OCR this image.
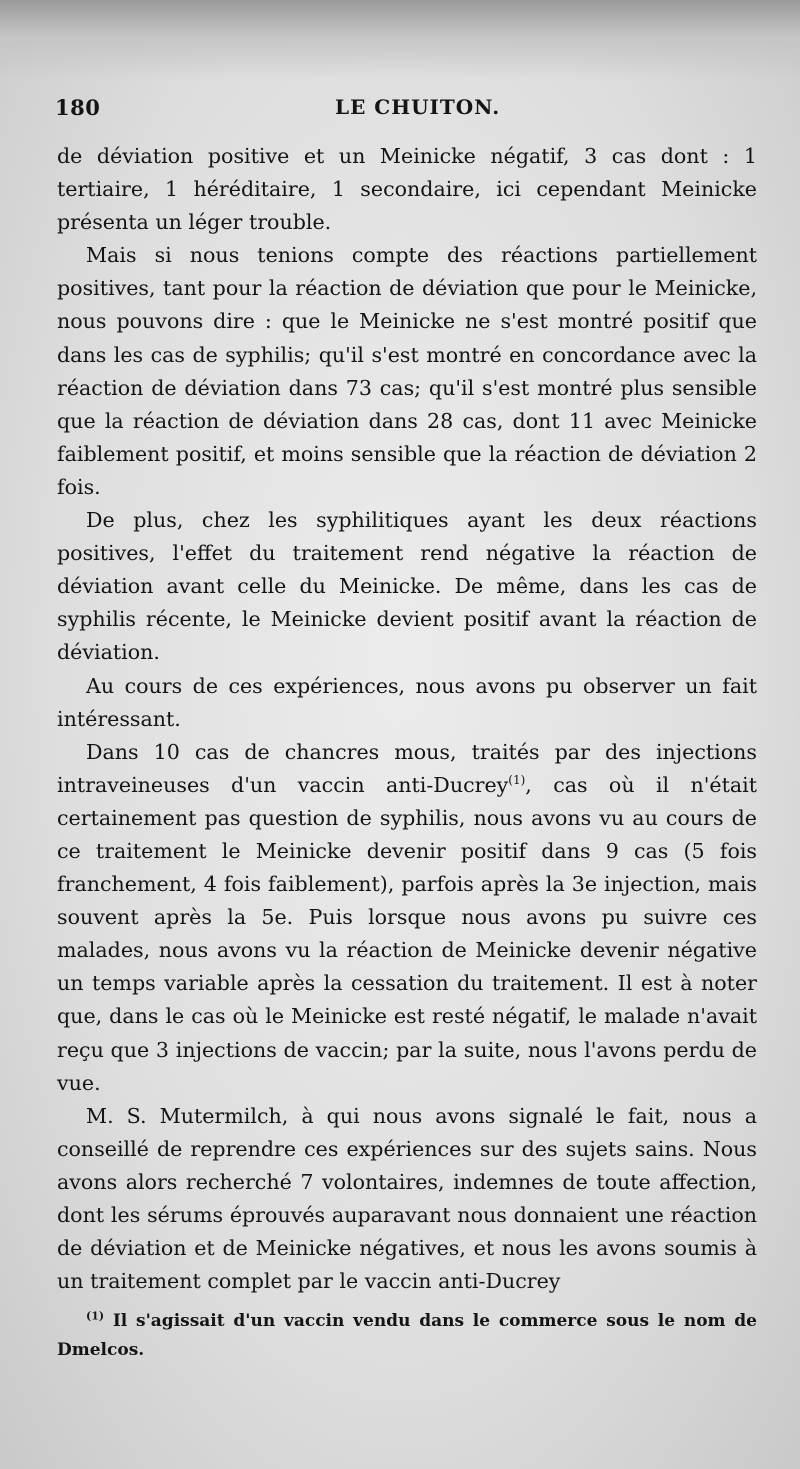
180	LE CHUITON.

de déviation positive et un Meinicke négatif, 3 cas dont : 1 tertiaire, 1 héréditaire, 1 secondaire, ici cependant Meinicke présenta un léger trouble.

Mais si nous tenions compte des réactions partiellement positives, tant pour la réaction de déviation que pour le Meinicke, nous pouvons dire : que le Meinicke ne s'est montré positif que dans les cas de syphilis; qu'il s'est montré en concordance avec la réaction de déviation dans 73 cas; qu'il s'est montré plus sensible que la réaction de déviation dans 28 cas, dont 11 avec Meinicke faiblement positif, et moins sensible que la réaction de déviation 2 fois.

De plus, chez les syphilitiques ayant les deux réactions positives, l'effet du traitement rend négative la réaction de déviation avant celle du Meinicke. De même, dans les cas de syphilis récente, le Meinicke devient positif avant la réaction de déviation.

Au cours de ces expériences, nous avons pu observer un fait intéressant.

Dans 10 cas de chancres mous, traités par des injections intraveineuses d'un vaccin anti-Ducrey$^{(1)}$, cas où il n'était certainement pas question de syphilis, nous avons vu au cours de ce traitement le Meinicke devenir positif dans 9 cas (5 fois franchement, 4 fois faiblement), parfois après la 3e injection, mais souvent après la 5e. Puis lorsque nous avons pu suivre ces malades, nous avons vu la réaction de Meinicke devenir négative un temps variable après la cessation du traitement. Il est à noter que, dans le cas où le Meinicke est resté négatif, le malade n'avait reçu que 3 injections de vaccin; par la suite, nous l'avons perdu de vue.

M. S. Mutermilch, à qui nous avons signalé le fait, nous a conseillé de reprendre ces expériences sur des sujets sains. Nous avons alors recherché 7 volontaires, indemnes de toute affection, dont les sérums éprouvés auparavant nous donnaient une réaction de déviation et de Meinicke négatives, et nous les avons soumis à un traitement complet par le vaccin anti-Ducrey

$^{(1)}$ Il s'agissait d'un vaccin vendu dans le commerce sous le nom de Dmelcos.
